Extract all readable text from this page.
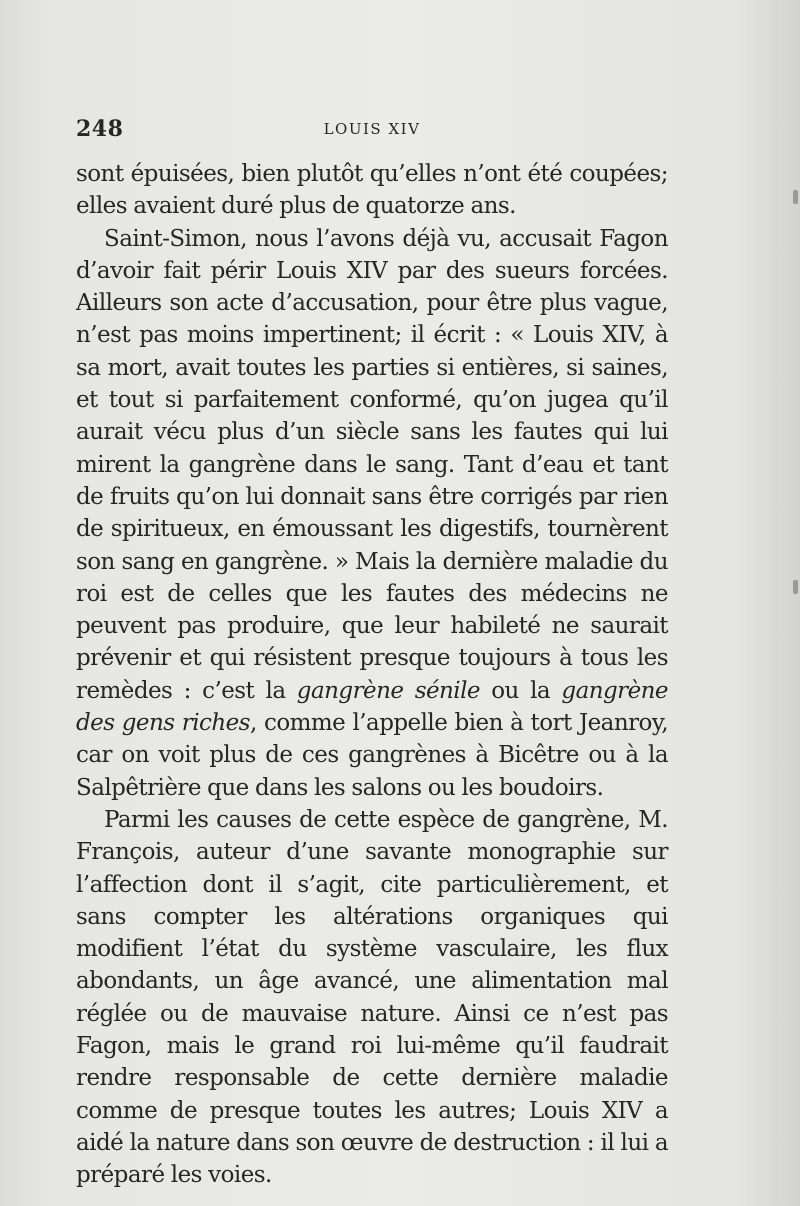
248	LOUIS XIV

sont épuisées, bien plutôt qu’elles n’ont été coupées; elles avaient duré plus de quatorze ans.

Saint-Simon, nous l’avons déjà vu, accusait Fagon d’avoir fait périr Louis XIV par des sueurs forcées. Ailleurs son acte d’accusation, pour être plus vague, n’est pas moins impertinent; il écrit : « Louis XIV, à sa mort, avait toutes les parties si entières, si saines, et tout si parfaitement conformé, qu’on jugea qu’il aurait vécu plus d’un siècle sans les fautes qui lui mirent la gangrène dans le sang. Tant d’eau et tant de fruits qu’on lui donnait sans être corrigés par rien de spiritueux, en émoussant les digestifs, tournèrent son sang en gangrène. » Mais la dernière maladie du roi est de celles que les fautes des médecins ne peuvent pas produire, que leur habileté ne saurait prévenir et qui résistent presque toujours à tous les remèdes : c’est la gangrène sénile ou la gangrène des gens riches, comme l’appelle bien à tort Jeanroy, car on voit plus de ces gangrènes à Bicêtre ou à la Salpêtrière que dans les salons ou les boudoirs.

Parmi les causes de cette espèce de gangrène, M. François, auteur d’une savante monographie sur l’affection dont il s’agit, cite particulièrement, et sans compter les altérations organiques qui modifient l’état du système vasculaire, les flux abondants, un âge avancé, une alimentation mal réglée ou de mauvaise nature. Ainsi ce n’est pas Fagon, mais le grand roi lui-même qu’il faudrait rendre responsable de cette dernière maladie comme de presque toutes les autres; Louis XIV a aidé la nature dans son œuvre de destruction : il lui a préparé les voies.
